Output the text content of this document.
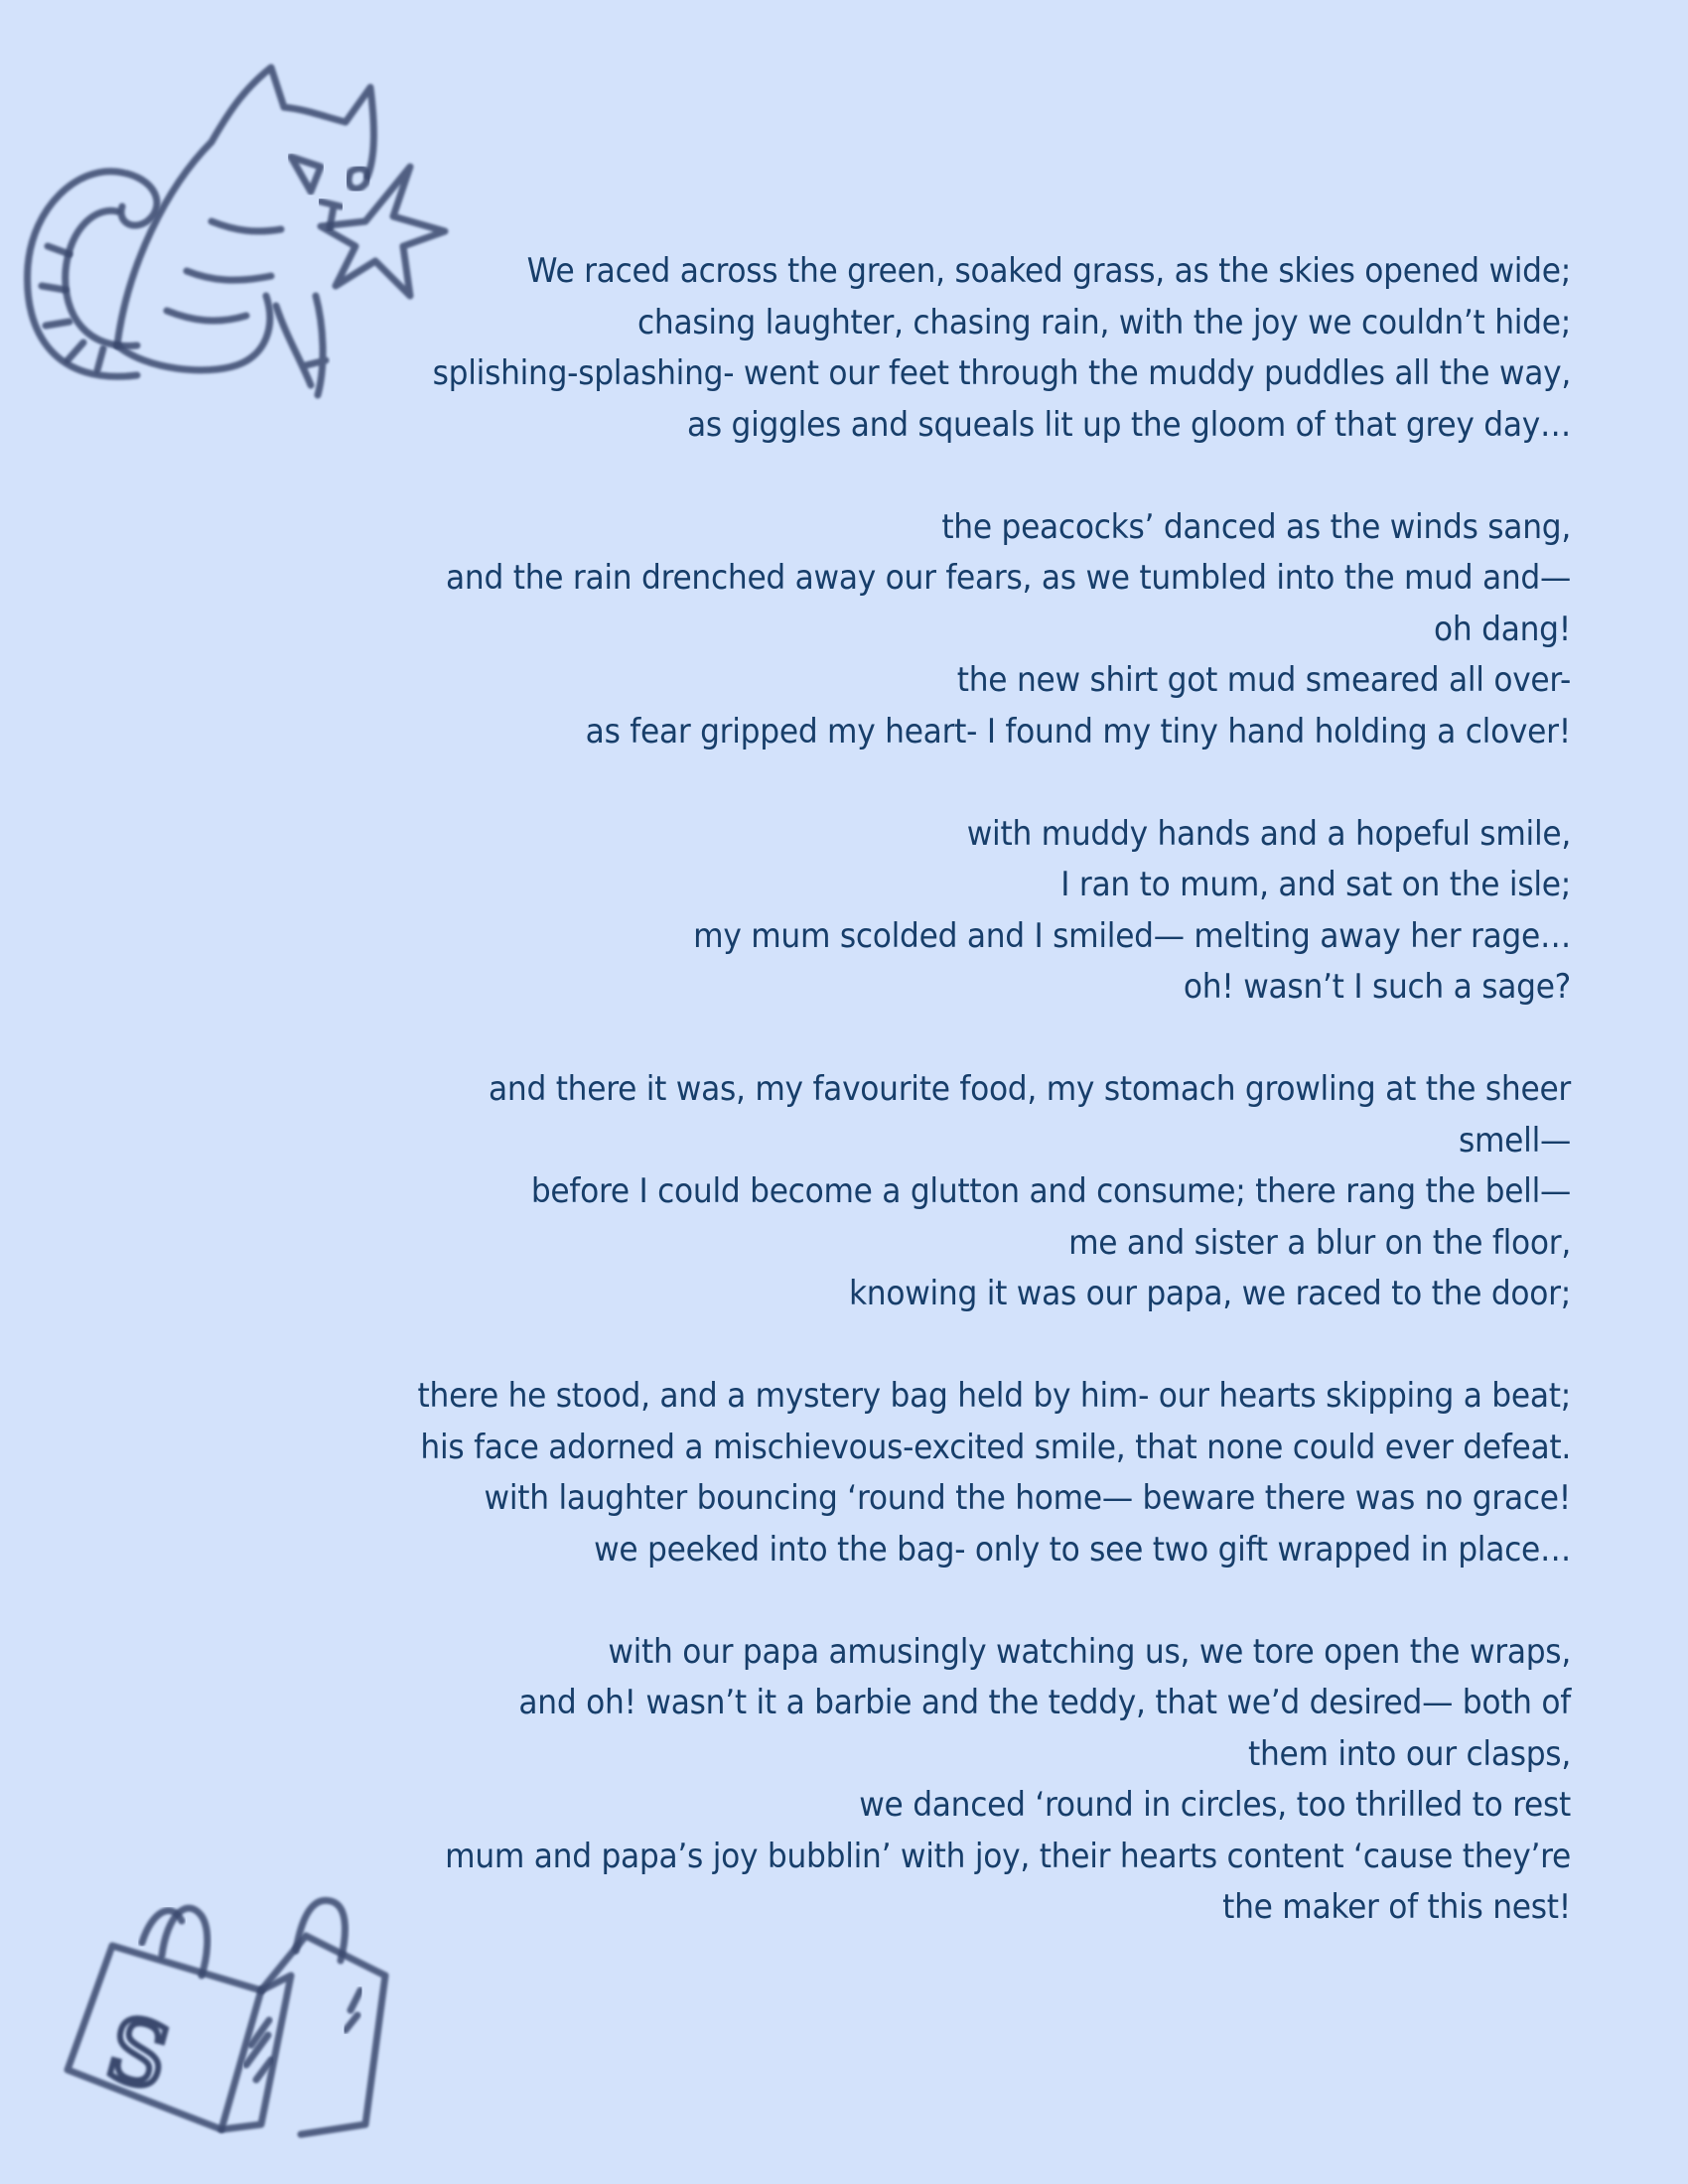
We raced across the green, soaked grass, as the skies opened wide;
chasing laughter, chasing rain, with the joy we couldn’t hide;
splishing-splashing- went our feet through the muddy puddles all the way,
as giggles and squeals lit up the gloom of that grey day…
the peacocks’ danced as the winds sang,
and the rain drenched away our fears, as we tumbled into the mud and—
oh dang!
the new shirt got mud smeared all over-
as fear gripped my heart- I found my tiny hand holding a clover!
with muddy hands and a hopeful smile,
I ran to mum, and sat on the isle;
my mum scolded and I smiled— melting away her rage…
oh! wasn’t I such a sage?
and there it was, my favourite food, my stomach growling at the sheer
smell—
before I could become a glutton and consume; there rang the bell—
me and sister a blur on the floor,
knowing it was our papa, we raced to the door;
there he stood, and a mystery bag held by him- our hearts skipping a beat;
his face adorned a mischievous-excited smile, that none could ever defeat.
with laughter bouncing ‘round the home— beware there was no grace!
we peeked into the bag- only to see two gift wrapped in place…
with our papa amusingly watching us, we tore open the wraps,
and oh! wasn’t it a barbie and the teddy, that we’d desired— both of
them into our clasps,
we danced ‘round in circles, too thrilled to rest
mum and papa’s joy bubblin’ with joy, their hearts content ‘cause they’re
the maker of this nest!
S
